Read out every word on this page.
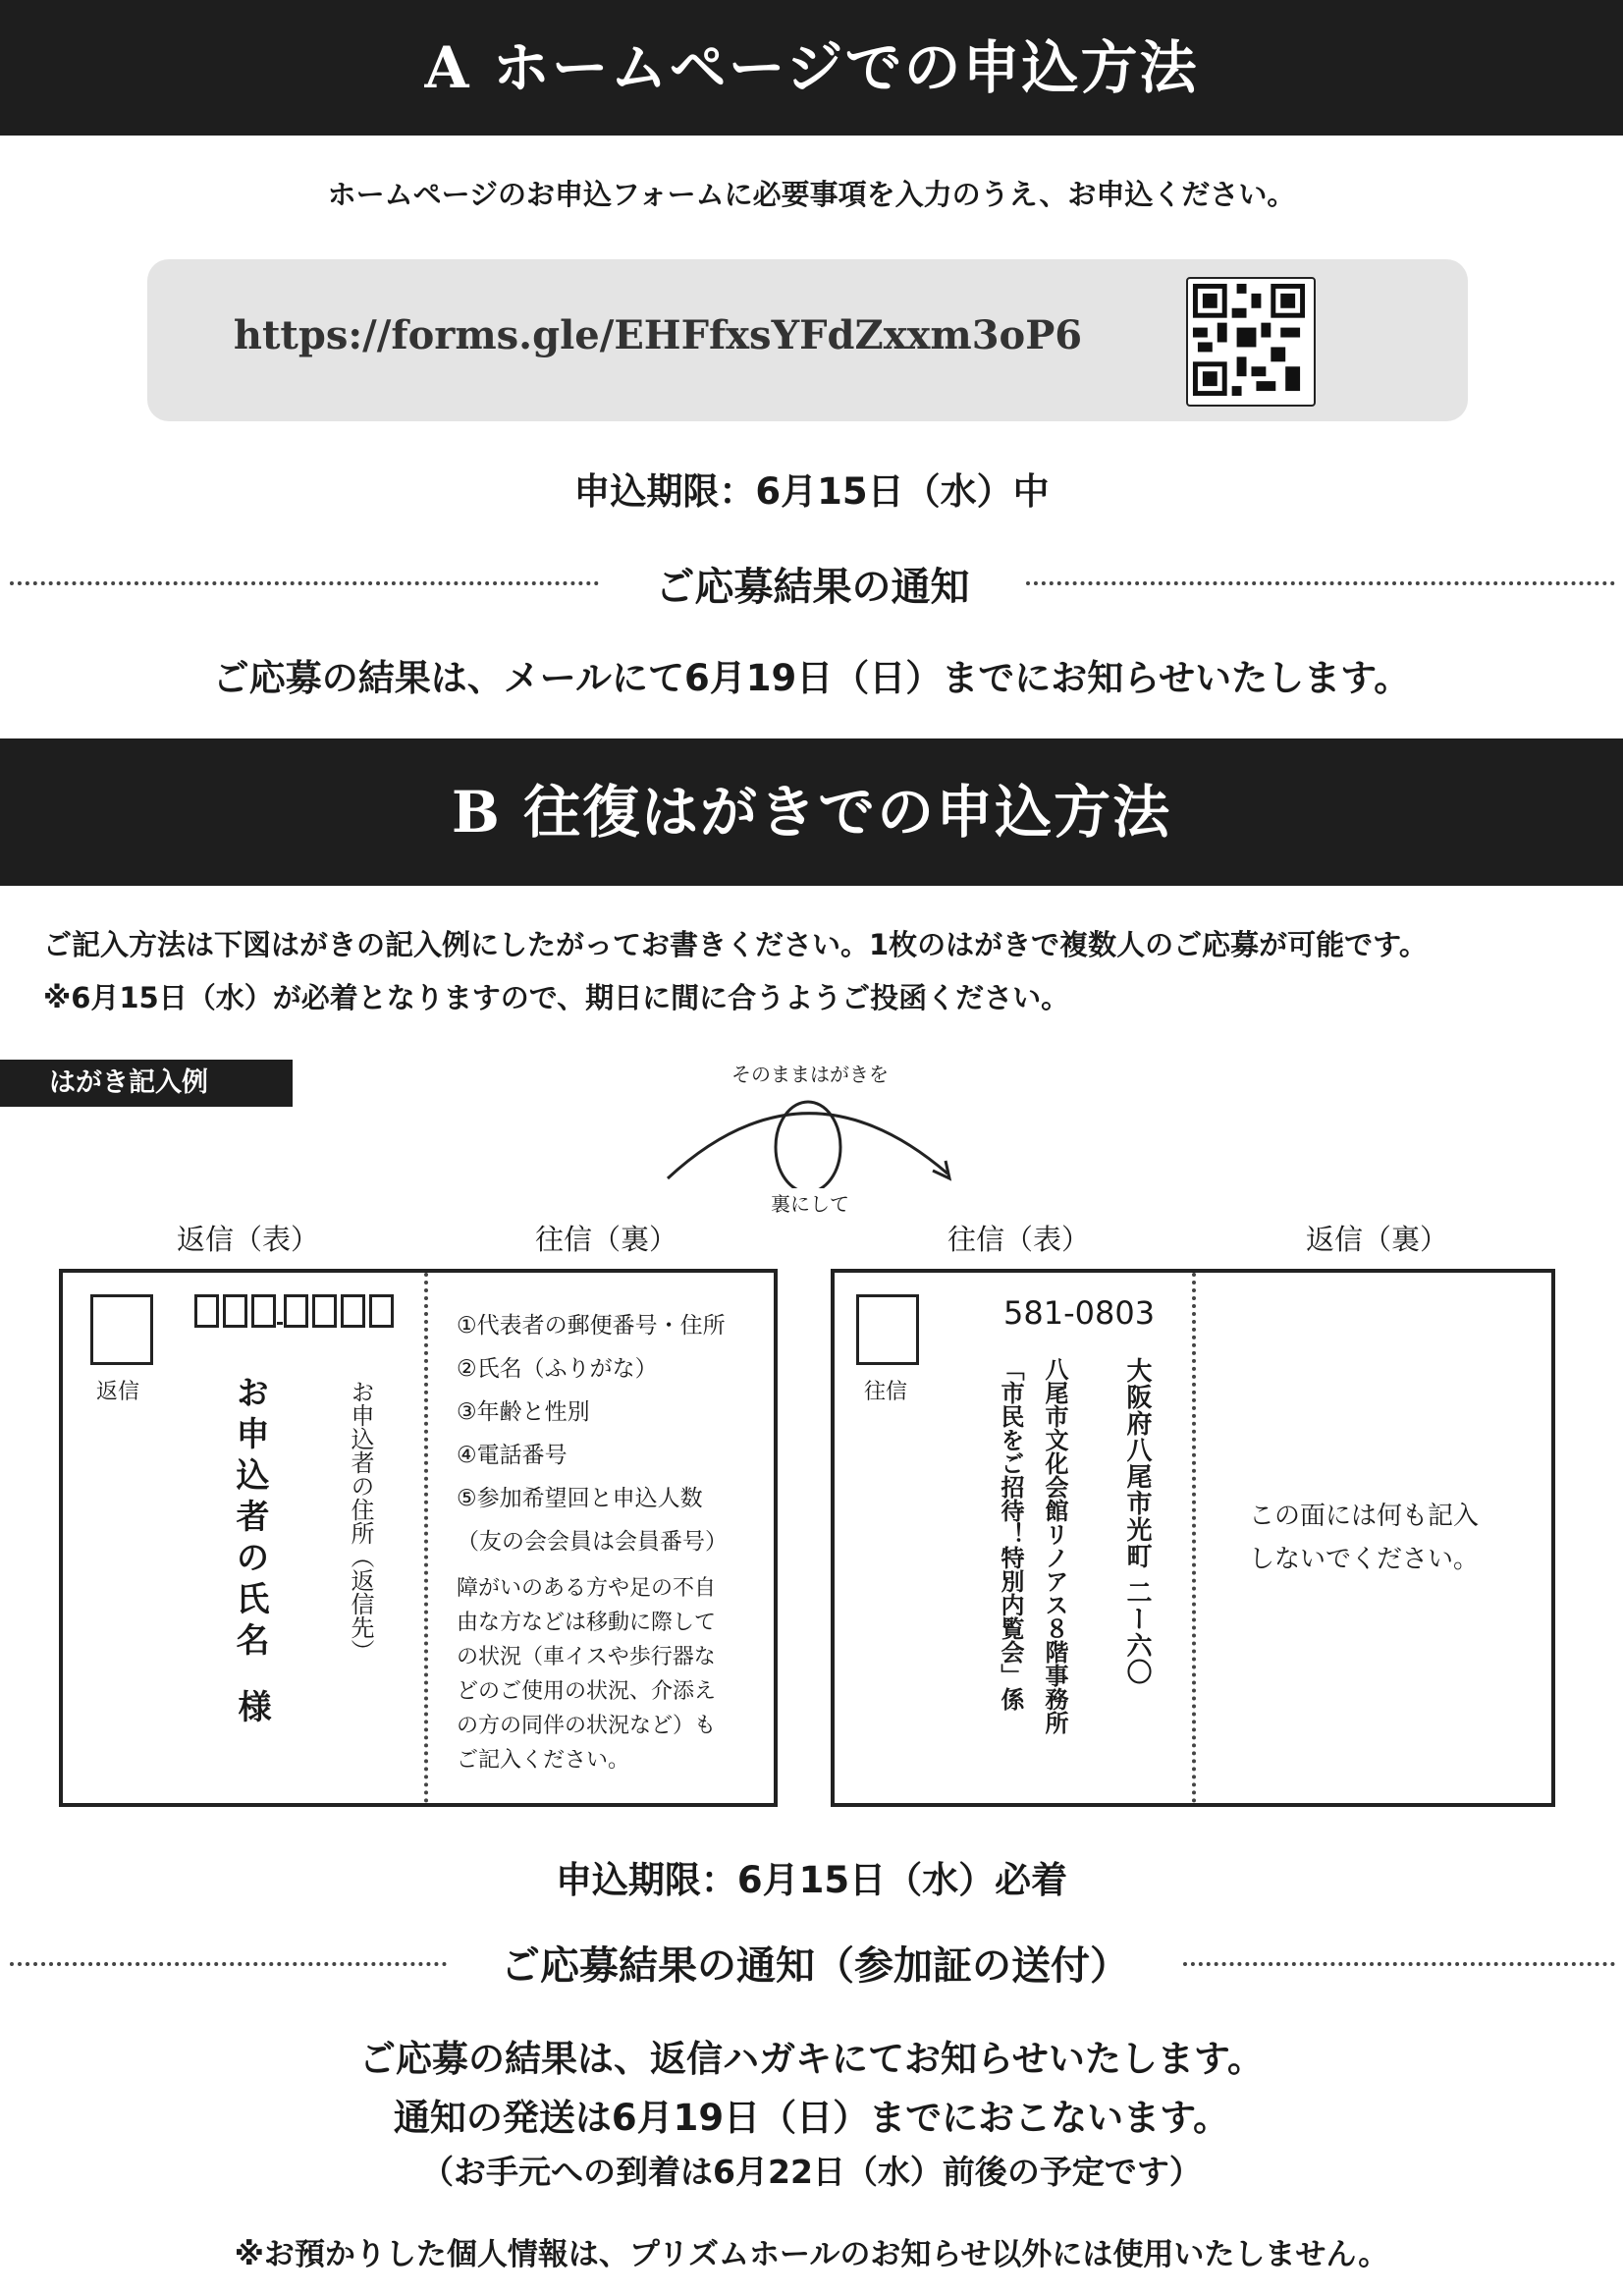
A ホームページでの申込方法
ホームページのお申込フォームに必要事項を入力のうえ、お申込ください。
https://forms.gle/EHFfxsYFdZxxm3oP6
申込期限：6月15日（水）中
ご応募結果の通知
ご応募の結果は、メールにて6月19日（日）までにお知らせいたします。
B 往復はがきでの申込方法
ご記入方法は下図はがきの記入例にしたがってお書きください。1枚のはがきで複数人のご応募が可能です。
※6月15日（水）が必着となりますので、期日に間に合うようご投函ください。
はがき記入例	そのままはがきを
裏にして
返信（表）	往信（裏）	往信（表）	返信（裏）
返信	お申込者の氏名
様
お申込者の住所（返信先）
①代表者の郵便番号・住所
②氏名（ふりがな）
③年齢と性別
④電話番号
⑤参加希望回と申込人数
（友の会会員は会員番号）
障がいのある方や足の不自
由な方などは移動に際して
の状況（車イスや歩行器な
どのご使用の状況、介添え
の方の同伴の状況など）も
ご記入ください。
往信
581-0803
大阪府八尾市光町 二ー六〇
八尾市文化会館リノアス８階事務所
「市民をご招待！特別内覧会」係	この面には何も記入
しないでください。
申込期限：6月15日（水）必着
ご応募結果の通知（参加証の送付）
ご応募の結果は、返信ハガキにてお知らせいたします。
通知の発送は6月19日（日）までにおこないます。
（お手元への到着は6月22日（水）前後の予定です）
※お預かりした個人情報は、プリズムホールのお知らせ以外には使用いたしません。
